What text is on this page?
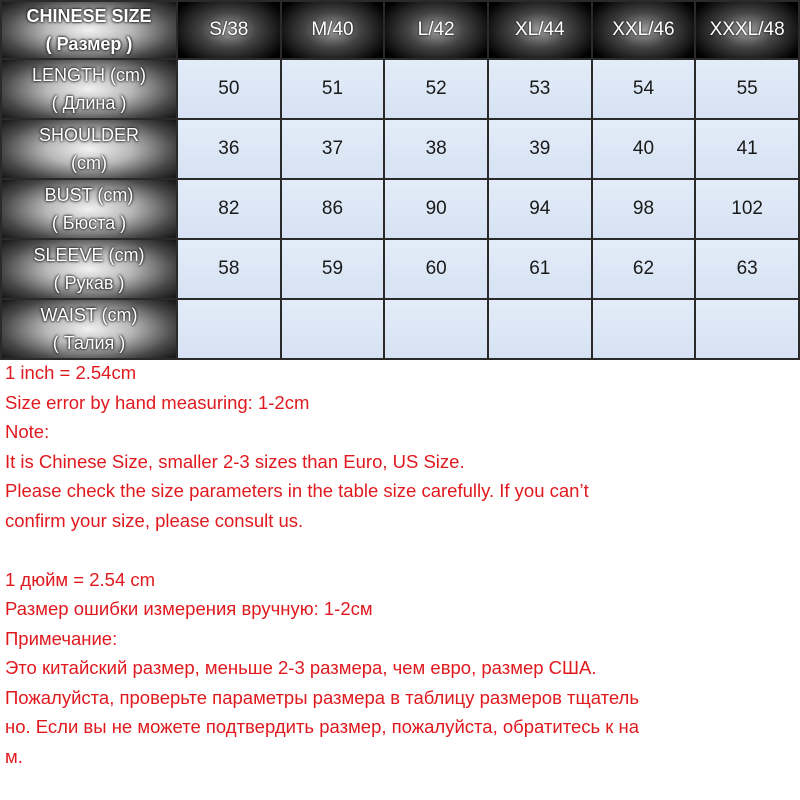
CHINESE SIZE
( Размер )	S/38	M/40	L/42	XL/44	XXL/46	XXXL/48

LENGTH (cm)
( Длина )	50	51	52	53	54	55

SHOULDER
(cm)	36	37	38	39	40	41

BUST (cm)
( Бюста )	82	86	90	94	98	102

SLEEVE (cm)
( Рукав )	58	59	60	61	62	63

WAIST (cm)
( Талия )						

1 inch = 2.54cm

Size error by hand measuring: 1-2cm

Note:

It is Chinese Size, smaller 2-3 sizes than Euro, US Size.

Please check the size parameters in the table size carefully. If you can’t

confirm your size, please consult us.

1 дюйм = 2.54 cm

Размер ошибки измерения вручную: 1-2см

Примечание:

Это китайский размер, меньше 2-3 размера, чем евро, размер США.

Пожалуйста, проверьте параметры размера в таблицу размеров тщатель

но. Если вы не можете подтвердить размер, пожалуйста, обратитесь к на

м.
